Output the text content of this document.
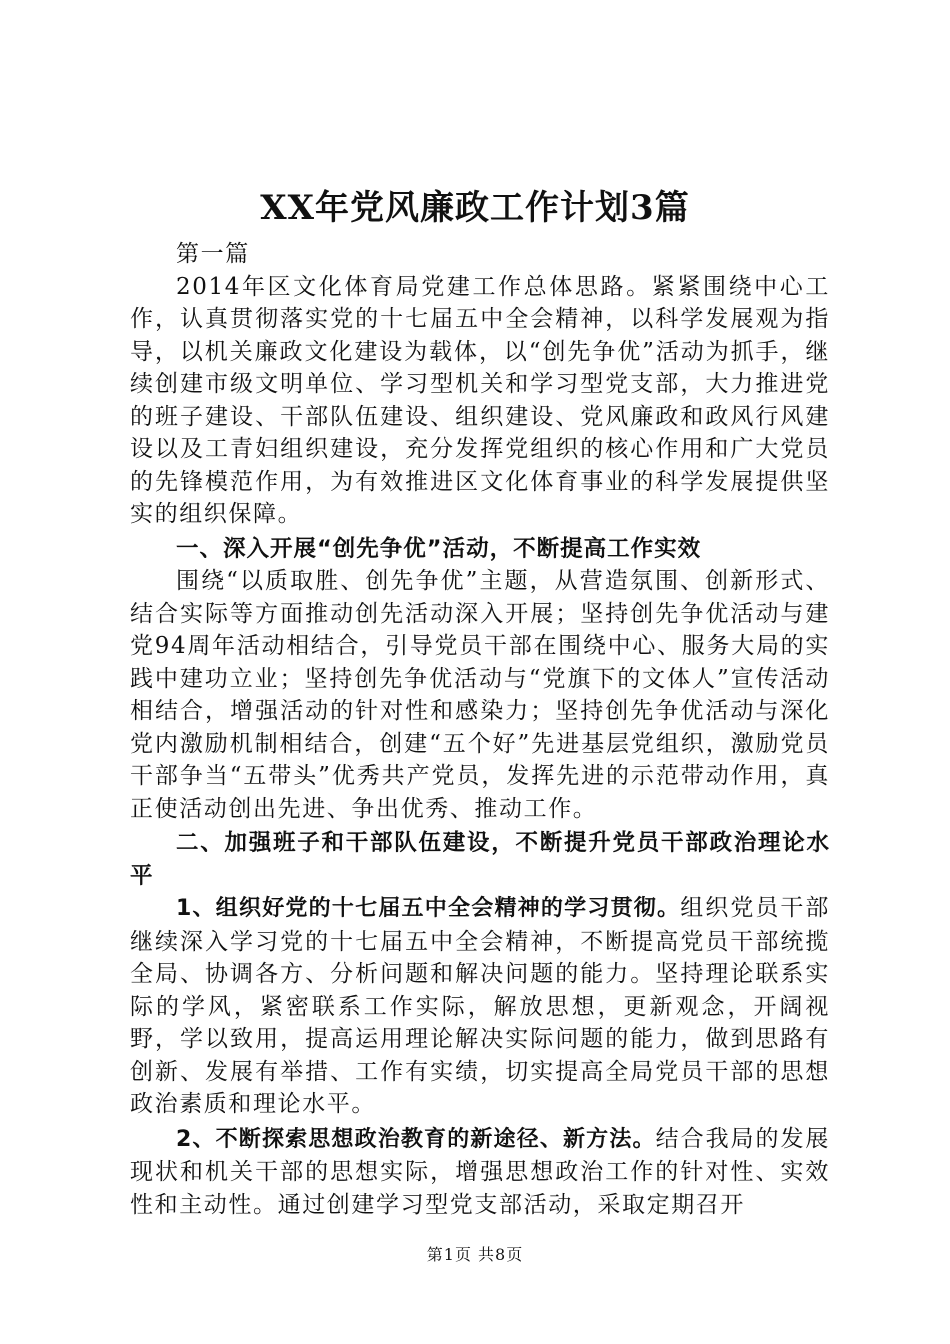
XX年党风廉政工作计划3篇

第一篇

2014年区文化体育局党建工作总体思路。紧紧围绕中心工作，认真贯彻落实党的十七届五中全会精神，以科学发展观为指导，以机关廉政文化建设为载体，以“创先争优”活动为抓手，继续创建市级文明单位、学习型机关和学习型党支部，大力推进党的班子建设、干部队伍建设、组织建设、党风廉政和政风行风建设以及工青妇组织建设，充分发挥党组织的核心作用和广大党员的先锋模范作用，为有效推进区文化体育事业的科学发展提供坚实的组织保障。

一、深入开展“创先争优”活动，不断提高工作实效

围绕“以质取胜、创先争优”主题，从营造氛围、创新形式、结合实际等方面推动创先活动深入开展；坚持创先争优活动与建党94周年活动相结合，引导党员干部在围绕中心、服务大局的实践中建功立业；坚持创先争优活动与“党旗下的文体人”宣传活动相结合，增强活动的针对性和感染力；坚持创先争优活动与深化党内激励机制相结合，创建“五个好”先进基层党组织，激励党员干部争当“五带头”优秀共产党员，发挥先进的示范带动作用，真正使活动创出先进、争出优秀、推动工作。

二、加强班子和干部队伍建设，不断提升党员干部政治理论水平

1、组织好党的十七届五中全会精神的学习贯彻。组织党员干部继续深入学习党的十七届五中全会精神，不断提高党员干部统揽全局、协调各方、分析问题和解决问题的能力。坚持理论联系实际的学风，紧密联系工作实际，解放思想，更新观念，开阔视野，学以致用，提高运用理论解决实际问题的能力，做到思路有创新、发展有举措、工作有实绩，切实提高全局党员干部的思想政治素质和理论水平。

2、不断探索思想政治教育的新途径、新方法。结合我局的发展现状和机关干部的思想实际，增强思想政治工作的针对性、实效性和主动性。通过创建学习型党支部活动，采取定期召开

第1页 共8页
